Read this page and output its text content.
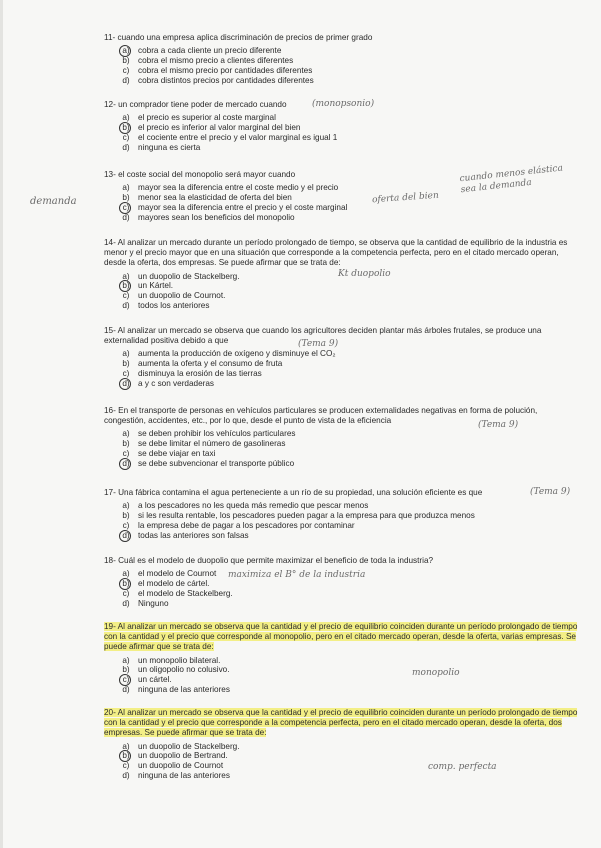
11- cuando una empresa aplica discriminación de precios de primer grado
a) cobra a cada cliente un precio diferente
b) cobra el mismo precio a clientes diferentes
c)	cobra el mismo precio por cantidades diferentes
d) cobra distintos precios por cantidades diferentes
12- un comprador tiene poder de mercado cuando
a) el precio es superior al coste marginal
b) el precio es inferior al valor marginal del bien
c)	el cociente entre el precio y el valor marginal es igual 1
d) ninguna es cierta
13- el coste social del monopolio será mayor cuando
a) mayor sea la diferencia entre el coste medio y el precio
b) menor sea la elasticidad de oferta del bien
c)	mayor sea la diferencia entre el precio y el coste marginal
d) mayores sean los beneficios del monopolio
14- Al analizar un mercado durante un período prolongado de tiempo, se observa que la cantidad de equilibrio de la industria es menor y el precio mayor que en una situación que corresponde a la competencia perfecta, pero en el citado mercado operan, desde la oferta, dos empresas. Se puede afirmar que se trata de:
a) un duopolio de Stackelberg.
b) un Kártel.
c)	un duopolio de Cournot.
d) todos los anteriores
15- Al analizar un mercado se observa que cuando los agricultores deciden plantar más árboles frutales, se produce una externalidad positiva debido a que
a) aumenta la producción de oxígeno y disminuye el CO₂
b) aumenta la oferta y el consumo de fruta
c)	disminuya la erosión de las tierras
d) a y c son verdaderas
16- En el transporte de personas en vehículos particulares se producen externalidades negativas en forma de polución, congestión, accidentes, etc., por lo que, desde el punto de vista de la eficiencia
a) se deben prohibir los vehículos particulares
b) se debe limitar el número de gasolineras
c)	se debe viajar en taxi
d) se debe subvencionar el transporte público
17- Una fábrica contamina el agua perteneciente a un río de su propiedad, una solución eficiente es que
a) a los pescadores no les queda más remedio que pescar menos
b) si les resulta rentable, los pescadores pueden pagar a la empresa para que produzca menos
c)	la empresa debe de pagar a los pescadores por contaminar
d) todas las anteriores son falsas
18- Cuál es el modelo de duopolio que permite maximizar el beneficio de toda la industria?
a) el modelo de Cournot
b) el modelo de cártel.
c)	el modelo de Stackelberg.
d) Ninguno
19- Al analizar un mercado se observa que la cantidad y el precio de equilibrio coinciden durante un período prolongado de tiempo con la cantidad y el precio que corresponde al monopolio, pero en el citado mercado operan, desde la oferta, varias empresas. Se puede afirmar que se trata de:
a) un monopolio bilateral.
b) un oligopolio no colusivo.
c)	un cártel.
d) ninguna de las anteriores
20- Al analizar un mercado se observa que la cantidad y el precio de equilibrio coinciden durante un período prolongado de tiempo con la cantidad y el precio que corresponde a la competencia perfecta, pero en el citado mercado operan, desde la oferta, dos empresas. Se puede afirmar que se trata de:
a) un duopolio de Stackelberg.
b) un duopolio de Bertrand.
c)	un duopolio de Cournot
d) ninguna de las anteriores
(monopsonio)
demanda	oferta del bien
cuando menos elástica sea la demanda
Kt duopolio
(Tema 9)
(Tema 9)
(Tema 9)
maximiza el B° de la industria
monopolio
comp. perfecta
